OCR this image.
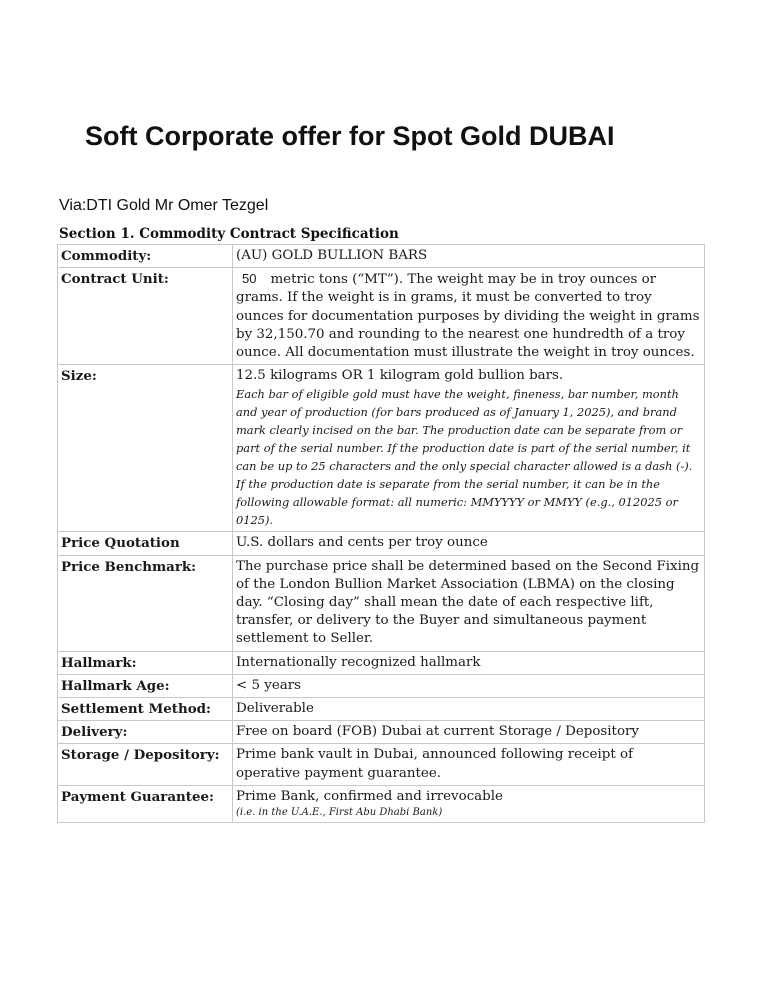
Soft Corporate offer for Spot Gold DUBAI
Via:DTI Gold Mr Omer Tezgel
Section 1. Commodity Contract Specification
Commodity:	(AU) GOLD BULLION BARS
Contract Unit:	50 metric tons (“MT”). The weight may be in troy ounces or grams. If the weight is in grams, it must be converted to troy ounces for documentation purposes by dividing the weight in grams by 32,150.70 and rounding to the nearest one hundredth of a troy ounce. All documentation must illustrate the weight in troy ounces.
Size:	12.5 kilograms OR 1 kilogram gold bullion bars.
Each bar of eligible gold must have the weight, fineness, bar number, month and year of production (for bars produced as of January 1, 2025), and brand mark clearly incised on the bar. The production date can be separate from or part of the serial number. If the production date is part of the serial number, it can be up to 25 characters and the only special character allowed is a dash (-). If the production date is separate from the serial number, it can be in the following allowable format: all numeric: MMYYYY or MMYY (e.g., 012025 or 0125).

Price Quotation	U.S. dollars and cents per troy ounce
Price Benchmark:	The purchase price shall be determined based on the Second Fixing of the London Bullion Market Association (LBMA) on the closing day. “Closing day” shall mean the date of each respective lift, transfer, or delivery to the Buyer and simultaneous payment settlement to Seller.
Hallmark:	Internationally recognized hallmark
Hallmark Age:	< 5 years
Settlement Method:	Deliverable
Delivery:	Free on board (FOB) Dubai at current Storage / Depository
Storage / Depository:	Prime bank vault in Dubai, announced following receipt of operative payment guarantee.
Payment Guarantee:	Prime Bank, confirmed and irrevocable
(i.e. in the U.A.E., First Abu Dhabi Bank)
